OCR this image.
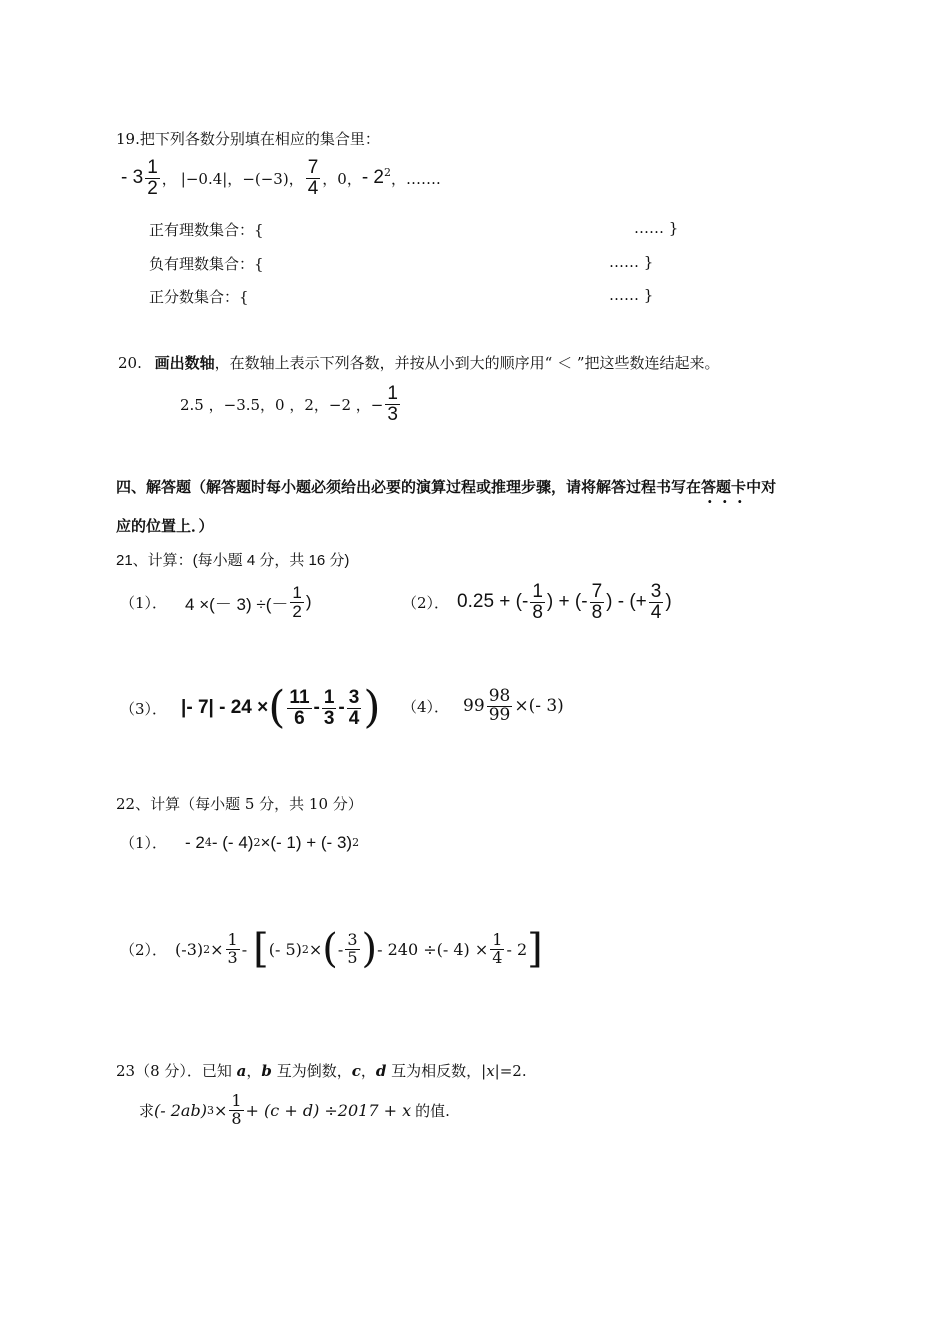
19.把下列各数分别填在相应的集合里：
- $3 \frac{1}{2}$ ， |−0.4|， −(−3)， $\frac{7}{4}$ ，0， - 2 2 ，…….
正有理数集合：{	…… }
负有理数集合：{	…… }
正分数集合：{	…… }
20. 画出数轴，在数轴上表示下列各数，并按从小到大的顺序用“ ＜ ”把这些数连结起来。
2.5 ，−3.5，0 ，2，−2 ，− $\frac{1}{3}$
四、解答题（解答题时每小题必须给出必要的演算过程或推理步骤，请将解答过程书写在答题卡中对
应的位置上．）
21、计算：(每小题 4 分，共 16 分)
（1）． 4 ×(－ 3) ÷(－ $\frac{1}{2}$ )	（2）． 0.25 + (- $\frac{1}{8}$ ) + (- $\frac{7}{8}$ ) - (+ $\frac{3}{4}$ )
（3）． |- 7| - 24 × ( $\frac{11}{6} - \frac{1}{3} - \frac{3}{4}$ ) （4）． $99 \frac{98}{99}$ ×(- 3)
22、计算（每小题 5 分，共 10 分）
（1）． - 2 4 - (- 4) 2 ×(- 1) + (- 3) 2
（2）． (-3) $2 \times \frac{1}{3}$ - [ (- 5) 2 × ( - $\frac{3}{5}$ ) - 240 ÷(- $4) \times \frac{1}{4} - 2$ ]
23（8 分）．已知 a，b 互为倒数，c，d 互为相反数，|x|=2.
求 (- 2ab) $3 \times \frac{1}{8} + (c + d) \div 2017 + x$ 的值.
